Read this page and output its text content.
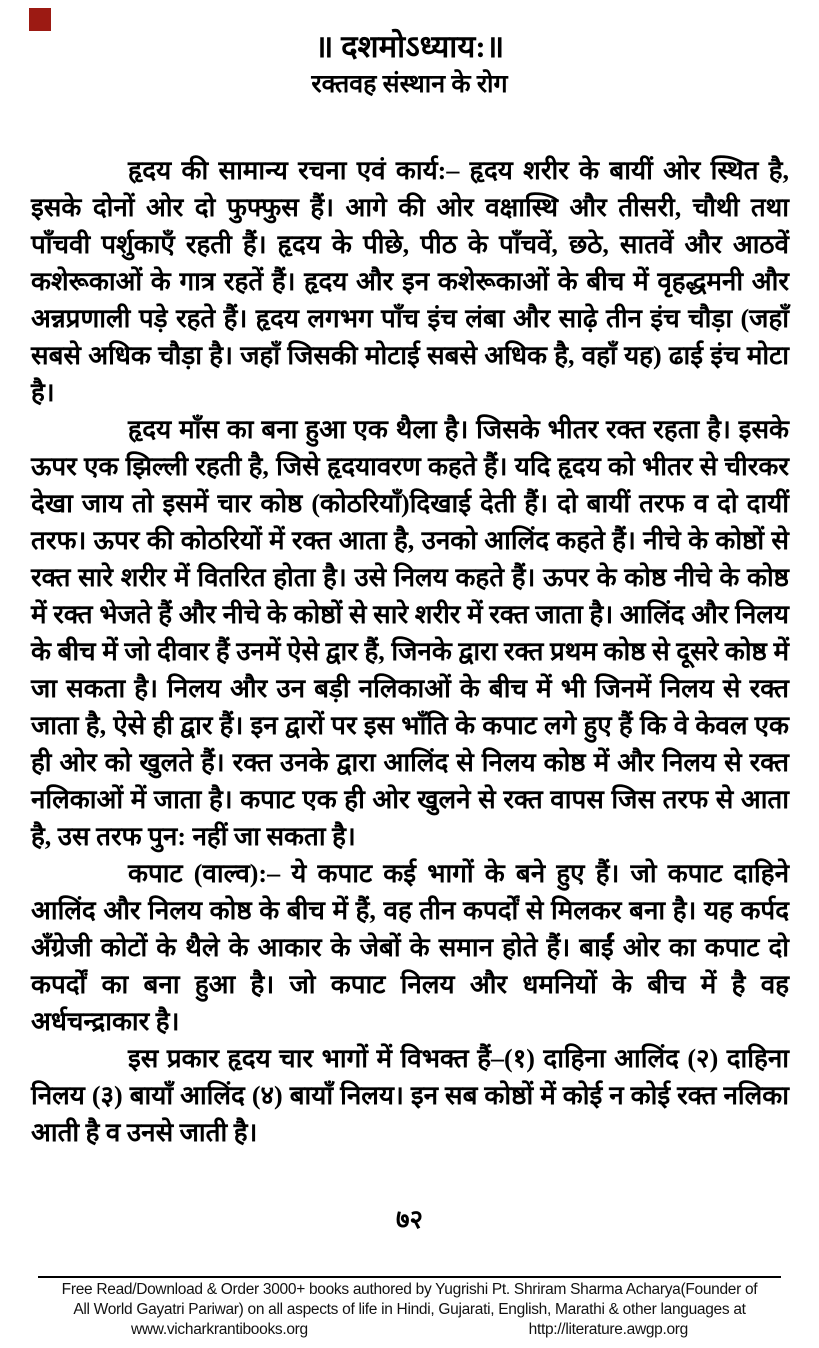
॥ दशमोऽध्याय:॥
रक्तवह संस्थान के रोग

हृदय की सामान्य रचना एवं कार्य:– हृदय शरीर के बायीं ओर स्थित है, इसके दोनों ओर दो फुफ्फुस हैं। आगे की ओर वक्षास्थि और तीसरी, चौथी तथा पाँचवी पर्शुकाएँ रहती हैं। हृदय के पीछे, पीठ के पाँचवें, छठे, सातवें और आठवें कशेरूकाओं के गात्र रहतें हैं। हृदय और इन कशेरूकाओं के बीच में वृहद्धमनी और अन्नप्रणाली पड़े रहते हैं। हृदय लगभग पाँच इंच लंबा और साढ़े तीन इंच चौड़ा (जहाँ सबसे अधिक चौड़ा है। जहाँ जिसकी मोटाई सबसे अधिक है, वहाँ यह) ढाई इंच मोटा है।

हृदय माँस का बना हुआ एक थैला है। जिसके भीतर रक्त रहता है। इसके ऊपर एक झिल्ली रहती है, जिसे हृदयावरण कहते हैं। यदि हृदय को भीतर से चीरकर देखा जाय तो इसमें चार कोष्ठ (कोठरियाँ)दिखाई देती हैं। दो बायीं तरफ व दो दायीं तरफ। ऊपर की कोठरियों में रक्त आता है, उनको आलिंद कहते हैं। नीचे के कोष्ठों से रक्त सारे शरीर में वितरित होता है। उसे निलय कहते हैं। ऊपर के कोष्ठ नीचे के कोष्ठ में रक्त भेजते हैं और नीचे के कोष्ठों से सारे शरीर में रक्त जाता है। आलिंद और निलय के बीच में जो दीवार हैं उनमें ऐसे द्वार हैं, जिनके द्वारा रक्त प्रथम कोष्ठ से दूसरे कोष्ठ में जा सकता है। निलय और उन बड़ी नलिकाओं के बीच में भी जिनमें निलय से रक्त जाता है, ऐसे ही द्वार हैं। इन द्वारों पर इस भाँति के कपाट लगे हुए हैं कि वे केवल एक ही ओर को खुलते हैं। रक्त उनके द्वारा आलिंद से निलय कोष्ठ में और निलय से रक्त नलिकाओं में जाता है। कपाट एक ही ओर खुलने से रक्त वापस जिस तरफ से आता है, उस तरफ पुन: नहीं जा सकता है।

कपाट (वाल्व):– ये कपाट कई भागों के बने हुए हैं। जो कपाट दाहिने आलिंद और निलय कोष्ठ के बीच में हैं, वह तीन कपर्दों से मिलकर बना है। यह कर्पद अँग्रेजी कोटों के थैले के आकार के जेबों के समान होते हैं। बाईं ओर का कपाट दो कपर्दों का बना हुआ है। जो कपाट निलय और धमनियों के बीच में है वह अर्धचन्द्राकार है।

इस प्रकार हृदय चार भागों में विभक्त हैं–(१) दाहिना आलिंद (२) दाहिना निलय (३) बायाँ आलिंद (४) बायाँ निलय। इन सब कोष्ठों में कोई न कोई रक्त नलिका आती है व उनसे जाती है।

७२
Free Read/Download & Order 3000+ books authored by Yugrishi Pt. Shriram Sharma Acharya(Founder of
All World Gayatri Pariwar) on all aspects of life in Hindi, Gujarati, English, Marathi & other languages at
www.vicharkrantibooks.org	http://literature.awgp.org
